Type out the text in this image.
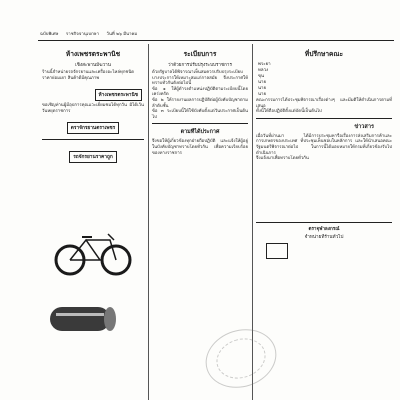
ฉบับพิเศษ ราชกิจจานุเบกษา วันที่ ๒๖ มีนาคม
ห้างเพชรตระพานิช
เชิงสะพานมัฆวาน

ร้านนี้จำหน่ายรถจักรยานและเครื่องอะไหล่ทุกชนิด ราคาย่อมเยา สินค้าดีมีคุณภาพ

ห้างเพชรตระพานิช

ขอเชิญท่านผู้มีอุปการคุณแวะเยี่ยมชมได้ทุกวัน มิได้เว้นวันหยุดราชการ

ตราจักรยานตราเพชร
รถจักรยานราคาถูก
ระเบียบการ
ว่าด้วยการปรับปรุงระบบราชการ

ด้วยรัฐบาลได้พิจารณาเห็นสมควรปรับปรุงระเบียบบางประการให้เหมาะสมแก่กาลสมัย จึงประกาศให้ทราบทั่วกันดังต่อไปนี้

ข้อ ๑ ให้ผู้ดำรงตำแหน่งปฏิบัติตามระเบียบนี้โดยเคร่งครัด

ข้อ ๒ ให้รายงานผลการปฏิบัติต่อผู้บังคับบัญชาตามลำดับชั้น

ข้อ ๓ ระเบียบนี้ให้ใช้บังคับตั้งแต่วันประกาศเป็นต้นไป

ตามที่ได้ประกาศ

จึงขอให้ผู้เกี่ยวข้องทุกฝ่ายถือปฏิบัติ และแจ้งให้ผู้อยู่ในบังคับบัญชาทราบโดยทั่วกัน เพื่อความเรียบร้อยของทางราชการ

ที่ปรึกษาคณะ
พระยา
หลวง
ขุน
นาย
นาย
นาย

คณะกรรมการได้ประชุมพิจารณาเรื่องต่างๆ และมีมติให้ดำเนินการตามที่เสนอ

ทั้งนี้ให้ถือปฏิบัติตั้งแต่บัดนี้เป็นต้นไป

ข่าวสาร

เมื่อวันที่ผ่านมา ได้มีการประชุมหารือเรื่องการส่งเสริมการค้าและการเกษตรของประเทศ ที่ประชุมเห็นชอบในหลักการ และให้นำเสนอคณะรัฐมนตรีพิจารณาต่อไป ในการนี้ได้มอบหมายให้กรมที่เกี่ยวข้องรับไปดำเนินการ

จึงแจ้งมาเพื่อทราบโดยทั่วกัน

ตราจุฬาลงกรณ์
จำหน่ายที่ร้านทั่วไป
